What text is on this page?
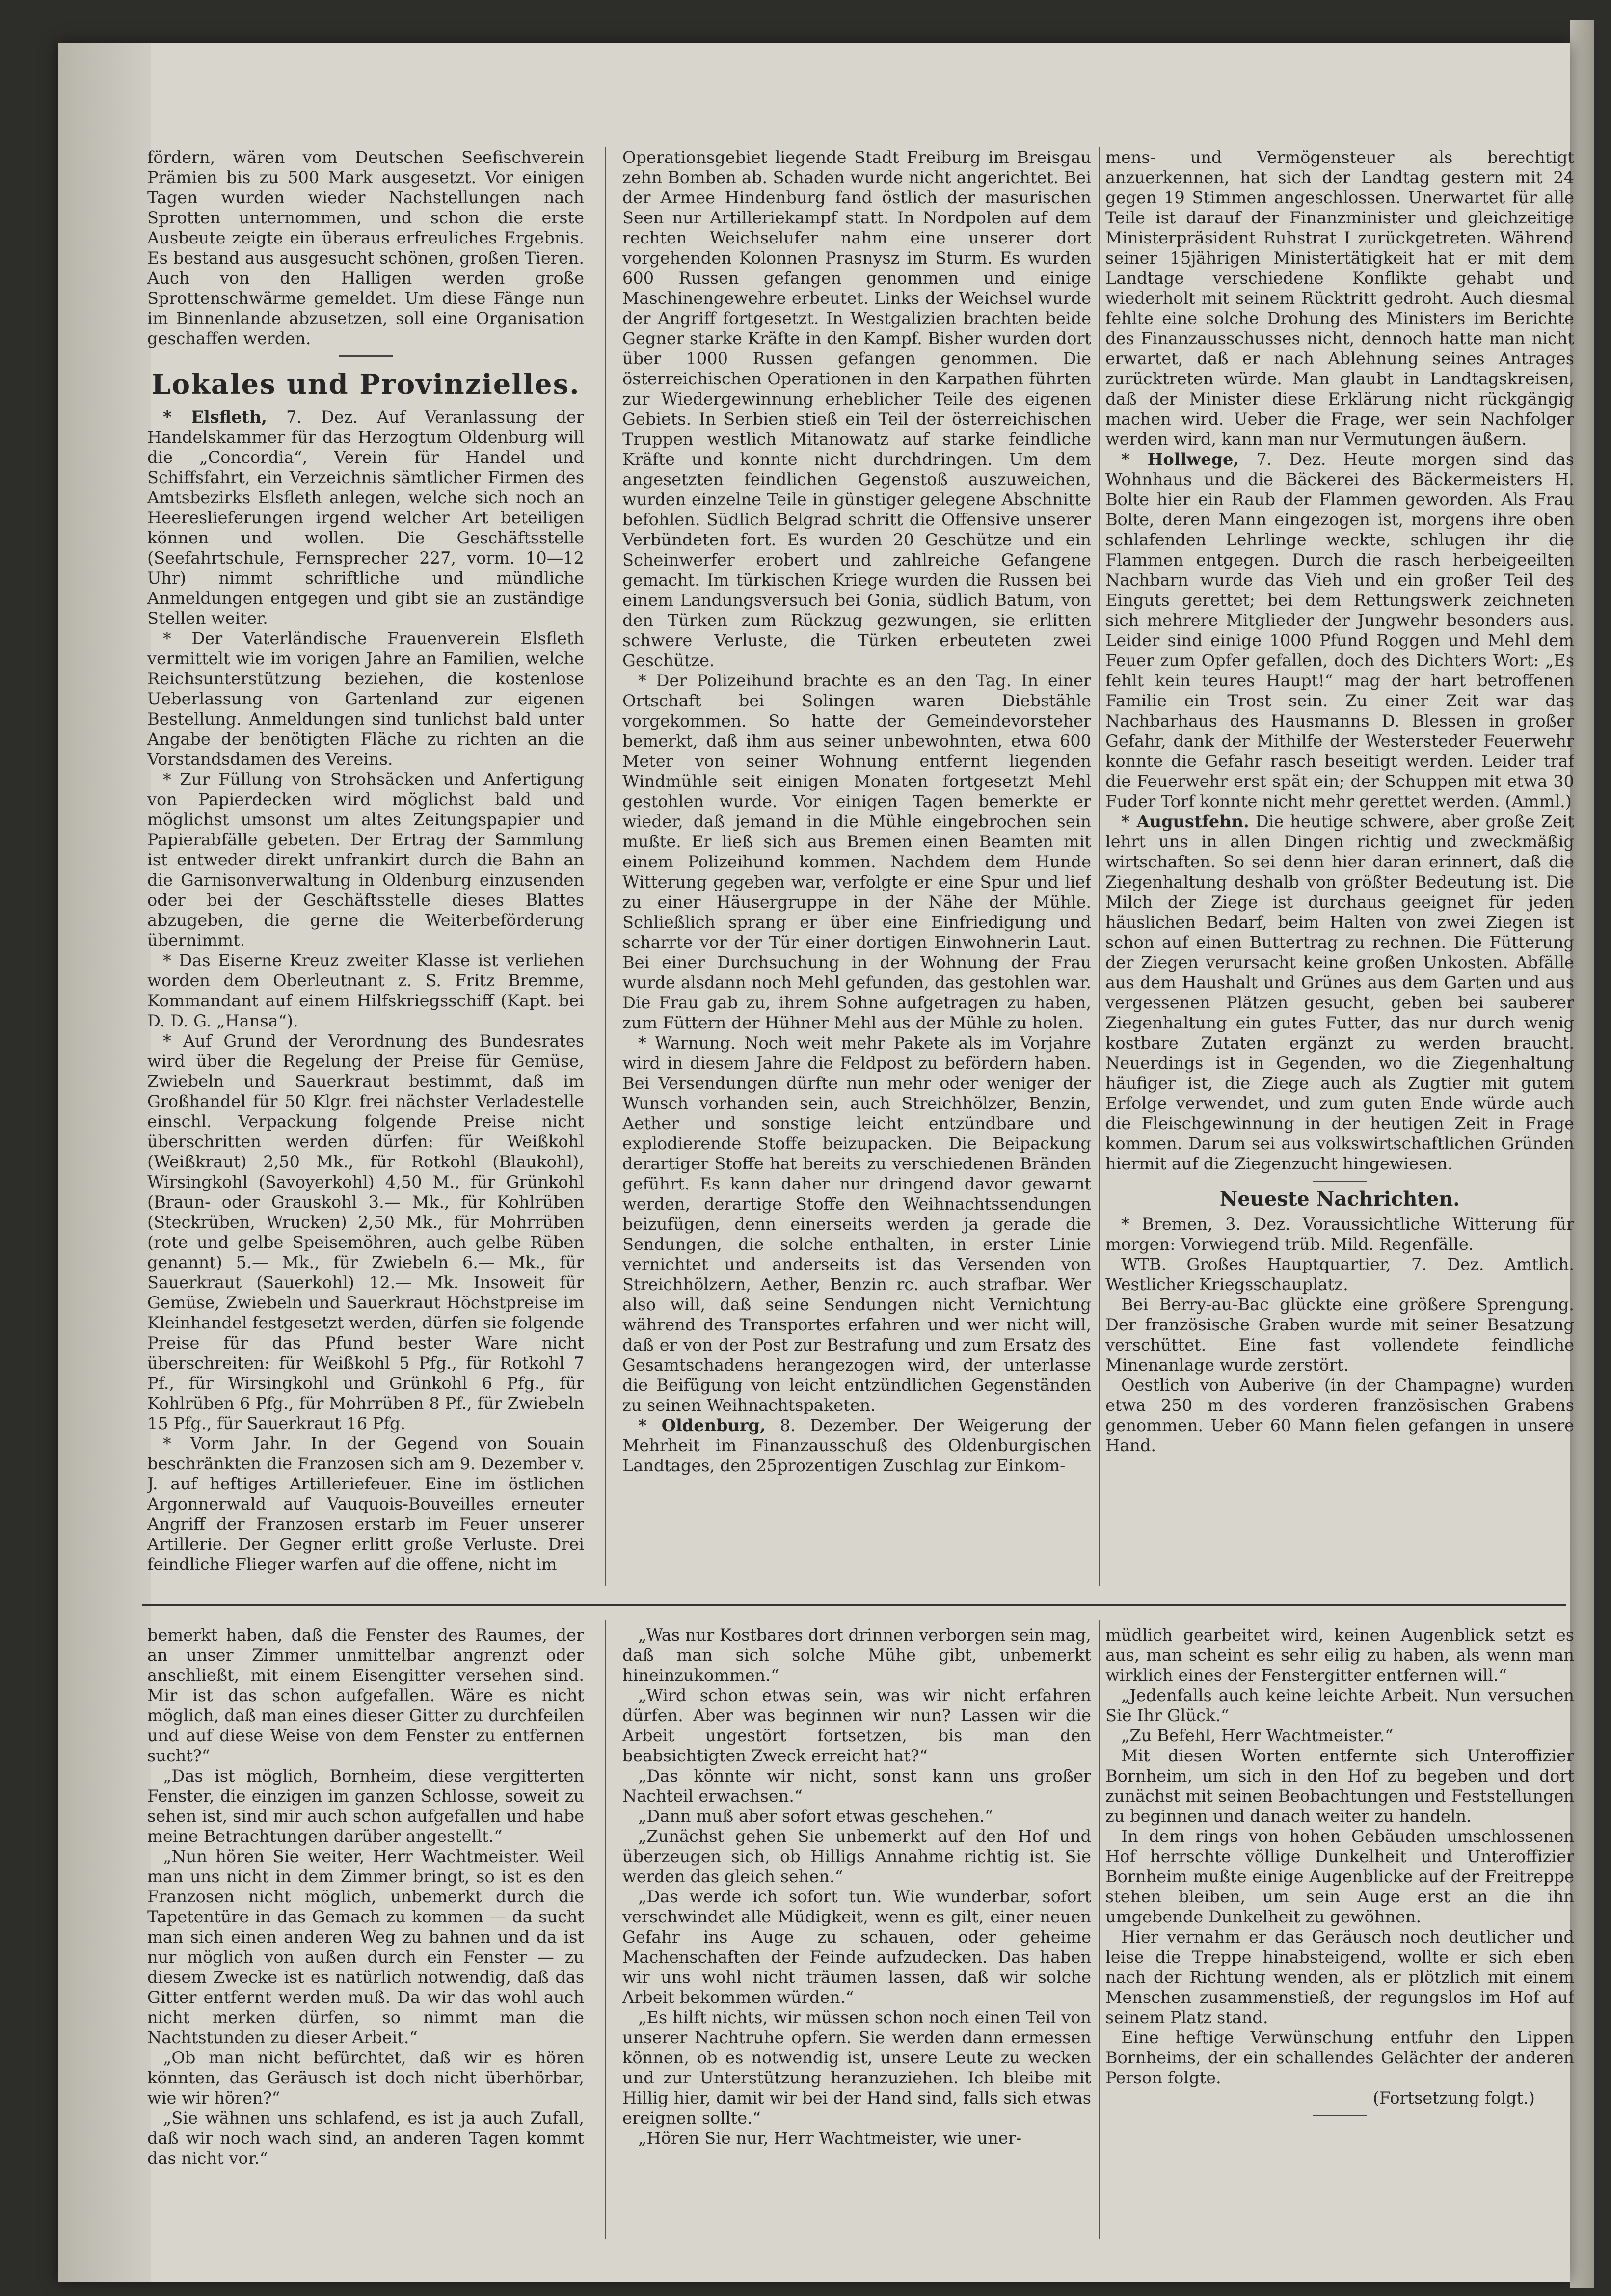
fördern, wären vom Deutschen Seefischverein Prämien bis zu 500 Mark ausgesetzt. Vor einigen Tagen wurden wieder Nachstellungen nach Sprotten unternommen, und schon die erste Ausbeute zeigte ein überaus erfreuliches Ergebnis. Es bestand aus ausgesucht schönen, großen Tieren. Auch von den Halligen werden große Sprottenschwärme gemeldet. Um diese Fänge nun im Binnenlande abzusetzen, soll eine Organisation geschaffen werden.

Lokales und Provinzielles.

* Elsfleth, 7. Dez. Auf Veranlassung der Handelskammer für das Herzogtum Oldenburg will die „Concordia“, Verein für Handel und Schiffsfahrt, ein Verzeichnis sämtlicher Firmen des Amtsbezirks Elsfleth anlegen, welche sich noch an Heereslieferungen irgend welcher Art beteiligen können und wollen. Die Geschäftsstelle (Seefahrtschule, Fernsprecher 227, vorm. 10—12 Uhr) nimmt schriftliche und mündliche Anmeldungen entgegen und gibt sie an zuständige Stellen weiter.

* Der Vaterländische Frauenverein Elsfleth vermittelt wie im vorigen Jahre an Familien, welche Reichsunterstützung beziehen, die kostenlose Ueberlassung von Gartenland zur eigenen Bestellung. Anmeldungen sind tunlichst bald unter Angabe der benötigten Fläche zu richten an die Vorstandsdamen des Vereins.

* Zur Füllung von Strohsäcken und Anfertigung von Papierdecken wird möglichst bald und möglichst umsonst um altes Zeitungspapier und Papierabfälle gebeten. Der Ertrag der Sammlung ist entweder direkt unfrankirt durch die Bahn an die Garnisonverwaltung in Oldenburg einzusenden oder bei der Geschäftsstelle dieses Blattes abzugeben, die gerne die Weiterbeförderung übernimmt.

* Das Eiserne Kreuz zweiter Klasse ist verliehen worden dem Oberleutnant z. S. Fritz Bremme, Kommandant auf einem Hilfskriegsschiff (Kapt. bei D. D. G. „Hansa“).

* Auf Grund der Verordnung des Bundesrates wird über die Regelung der Preise für Gemüse, Zwiebeln und Sauerkraut bestimmt, daß im Großhandel für 50 Klgr. frei nächster Verladestelle einschl. Verpackung folgende Preise nicht überschritten werden dürfen: für Weißkohl (Weißkraut) 2,50 Mk., für Rotkohl (Blaukohl), Wirsingkohl (Savoyerkohl) 4,50 M., für Grünkohl (Braun- oder Grauskohl 3.— Mk., für Kohlrüben (Steckrüben, Wrucken) 2,50 Mk., für Mohrrüben (rote und gelbe Speisemöhren, auch gelbe Rüben genannt) 5.— Mk., für Zwiebeln 6.— Mk., für Sauerkraut (Sauerkohl) 12.— Mk. Insoweit für Gemüse, Zwiebeln und Sauerkraut Höchstpreise im Kleinhandel festgesetzt werden, dürfen sie folgende Preise für das Pfund bester Ware nicht überschreiten: für Weißkohl 5 Pfg., für Rotkohl 7 Pf., für Wirsingkohl und Grünkohl 6 Pfg., für Kohlrüben 6 Pfg., für Mohrrüben 8 Pf., für Zwiebeln 15 Pfg., für Sauerkraut 16 Pfg.

* Vorm Jahr. In der Gegend von Souain beschränkten die Franzosen sich am 9. Dezember v. J. auf heftiges Artilleriefeuer. Eine im östlichen Argonnerwald auf Vauquois-Bouveilles erneuter Angriff der Franzosen erstarb im Feuer unserer Artillerie. Der Gegner erlitt große Verluste. Drei feindliche Flieger warfen auf die offene, nicht im

Operationsgebiet liegende Stadt Freiburg im Breisgau zehn Bomben ab. Schaden wurde nicht angerichtet. Bei der Armee Hindenburg fand östlich der masurischen Seen nur Artilleriekampf statt. In Nordpolen auf dem rechten Weichselufer nahm eine unserer dort vorgehenden Kolonnen Prasnysz im Sturm. Es wurden 600 Russen gefangen genommen und einige Maschinengewehre erbeutet. Links der Weichsel wurde der Angriff fortgesetzt. In Westgalizien brachten beide Gegner starke Kräfte in den Kampf. Bisher wurden dort über 1000 Russen gefangen genommen. Die österreichischen Operationen in den Karpathen führten zur Wiedergewinnung erheblicher Teile des eigenen Gebiets. In Serbien stieß ein Teil der österreichischen Truppen westlich Mitanowatz auf starke feindliche Kräfte und konnte nicht durchdringen. Um dem angesetzten feindlichen Gegenstoß auszuweichen, wurden einzelne Teile in günstiger gelegene Abschnitte befohlen. Südlich Belgrad schritt die Offensive unserer Verbündeten fort. Es wurden 20 Geschütze und ein Scheinwerfer erobert und zahlreiche Gefangene gemacht. Im türkischen Kriege wurden die Russen bei einem Landungsversuch bei Gonia, südlich Batum, von den Türken zum Rückzug gezwungen, sie erlitten schwere Verluste, die Türken erbeuteten zwei Geschütze.

* Der Polizeihund brachte es an den Tag. In einer Ortschaft bei Solingen waren Diebstähle vorgekommen. So hatte der Gemeindevorsteher bemerkt, daß ihm aus seiner unbewohnten, etwa 600 Meter von seiner Wohnung entfernt liegenden Windmühle seit einigen Monaten fortgesetzt Mehl gestohlen wurde. Vor einigen Tagen bemerkte er wieder, daß jemand in die Mühle eingebrochen sein mußte. Er ließ sich aus Bremen einen Beamten mit einem Polizeihund kommen. Nachdem dem Hunde Witterung gegeben war, verfolgte er eine Spur und lief zu einer Häusergruppe in der Nähe der Mühle. Schließlich sprang er über eine Einfriedigung und scharrte vor der Tür einer dortigen Einwohnerin Laut. Bei einer Durchsuchung in der Wohnung der Frau wurde alsdann noch Mehl gefunden, das gestohlen war. Die Frau gab zu, ihrem Sohne aufgetragen zu haben, zum Füttern der Hühner Mehl aus der Mühle zu holen.

* Warnung. Noch weit mehr Pakete als im Vorjahre wird in diesem Jahre die Feldpost zu befördern haben. Bei Versendungen dürfte nun mehr oder weniger der Wunsch vorhanden sein, auch Streichhölzer, Benzin, Aether und sonstige leicht entzündbare und explodierende Stoffe beizupacken. Die Beipackung derartiger Stoffe hat bereits zu verschiedenen Bränden geführt. Es kann daher nur dringend davor gewarnt werden, derartige Stoffe den Weihnachtssendungen beizufügen, denn einerseits werden ja gerade die Sendungen, die solche enthalten, in erster Linie vernichtet und anderseits ist das Versenden von Streichhölzern, Aether, Benzin rc. auch strafbar. Wer also will, daß seine Sendungen nicht Vernichtung während des Transportes erfahren und wer nicht will, daß er von der Post zur Bestrafung und zum Ersatz des Gesamtschadens herangezogen wird, der unterlasse die Beifügung von leicht entzündlichen Gegenständen zu seinen Weihnachtspaketen.

* Oldenburg, 8. Dezember. Der Weigerung der Mehrheit im Finanzausschuß des Oldenburgischen Landtages, den 25prozentigen Zuschlag zur Einkom-

mens- und Vermögensteuer als berechtigt anzuerkennen, hat sich der Landtag gestern mit 24 gegen 19 Stimmen angeschlossen. Unerwartet für alle Teile ist darauf der Finanzminister und gleichzeitige Ministerpräsident Ruhstrat I zurückgetreten. Während seiner 15jährigen Ministertätigkeit hat er mit dem Landtage verschiedene Konflikte gehabt und wiederholt mit seinem Rücktritt gedroht. Auch diesmal fehlte eine solche Drohung des Ministers im Berichte des Finanzausschusses nicht, dennoch hatte man nicht erwartet, daß er nach Ablehnung seines Antrages zurücktreten würde. Man glaubt in Landtagskreisen, daß der Minister diese Erklärung nicht rückgängig machen wird. Ueber die Frage, wer sein Nachfolger werden wird, kann man nur Vermutungen äußern.

* Hollwege, 7. Dez. Heute morgen sind das Wohnhaus und die Bäckerei des Bäckermeisters H. Bolte hier ein Raub der Flammen geworden. Als Frau Bolte, deren Mann eingezogen ist, morgens ihre oben schlafenden Lehrlinge weckte, schlugen ihr die Flammen entgegen. Durch die rasch herbeigeeilten Nachbarn wurde das Vieh und ein großer Teil des Einguts gerettet; bei dem Rettungswerk zeichneten sich mehrere Mitglieder der Jungwehr besonders aus. Leider sind einige 1000 Pfund Roggen und Mehl dem Feuer zum Opfer gefallen, doch des Dichters Wort: „Es fehlt kein teures Haupt!“ mag der hart betroffenen Familie ein Trost sein. Zu einer Zeit war das Nachbarhaus des Hausmanns D. Blessen in großer Gefahr, dank der Mithilfe der Westersteder Feuerwehr konnte die Gefahr rasch beseitigt werden. Leider traf die Feuerwehr erst spät ein; der Schuppen mit etwa 30 Fuder Torf konnte nicht mehr gerettet werden. (Amml.)

* Augustfehn. Die heutige schwere, aber große Zeit lehrt uns in allen Dingen richtig und zweckmäßig wirtschaften. So sei denn hier daran erinnert, daß die Ziegenhaltung deshalb von größter Bedeutung ist. Die Milch der Ziege ist durchaus geeignet für jeden häuslichen Bedarf, beim Halten von zwei Ziegen ist schon auf einen Buttertrag zu rechnen. Die Fütterung der Ziegen verursacht keine großen Unkosten. Abfälle aus dem Haushalt und Grünes aus dem Garten und aus vergessenen Plätzen gesucht, geben bei sauberer Ziegenhaltung ein gutes Futter, das nur durch wenig kostbare Zutaten ergänzt zu werden braucht. Neuerdings ist in Gegenden, wo die Ziegenhaltung häufiger ist, die Ziege auch als Zugtier mit gutem Erfolge verwendet, und zum guten Ende würde auch die Fleischgewinnung in der heutigen Zeit in Frage kommen. Darum sei aus volkswirtschaftlichen Gründen hiermit auf die Ziegenzucht hingewiesen.

Neueste Nachrichten.

* Bremen, 3. Dez. Voraussichtliche Witterung für morgen: Vorwiegend trüb. Mild. Regenfälle.

WTB. Großes Hauptquartier, 7. Dez. Amtlich. Westlicher Kriegsschauplatz.

Bei Berry-au-Bac glückte eine größere Sprengung. Der französische Graben wurde mit seiner Besatzung verschüttet. Eine fast vollendete feindliche Minenanlage wurde zerstört.

Oestlich von Auberive (in der Champagne) wurden etwa 250 m des vorderen französischen Grabens genommen. Ueber 60 Mann fielen gefangen in unsere Hand.

bemerkt haben, daß die Fenster des Raumes, der an unser Zimmer unmittelbar angrenzt oder anschließt, mit einem Eisengitter versehen sind. Mir ist das schon aufgefallen. Wäre es nicht möglich, daß man eines dieser Gitter zu durchfeilen und auf diese Weise von dem Fenster zu entfernen sucht?“

„Das ist möglich, Bornheim, diese vergitterten Fenster, die einzigen im ganzen Schlosse, soweit zu sehen ist, sind mir auch schon aufgefallen und habe meine Betrachtungen darüber angestellt.“

„Nun hören Sie weiter, Herr Wachtmeister. Weil man uns nicht in dem Zimmer bringt, so ist es den Franzosen nicht möglich, unbemerkt durch die Tapetentüre in das Gemach zu kommen — da sucht man sich einen anderen Weg zu bahnen und da ist nur möglich von außen durch ein Fenster — zu diesem Zwecke ist es natürlich notwendig, daß das Gitter entfernt werden muß. Da wir das wohl auch nicht merken dürfen, so nimmt man die Nachtstunden zu dieser Arbeit.“

„Ob man nicht befürchtet, daß wir es hören könnten, das Geräusch ist doch nicht überhörbar, wie wir hören?“

„Sie wähnen uns schlafend, es ist ja auch Zufall, daß wir noch wach sind, an anderen Tagen kommt das nicht vor.“

„Was nur Kostbares dort drinnen verborgen sein mag, daß man sich solche Mühe gibt, unbemerkt hineinzukommen.“

„Wird schon etwas sein, was wir nicht erfahren dürfen. Aber was beginnen wir nun? Lassen wir die Arbeit ungestört fortsetzen, bis man den beabsichtigten Zweck erreicht hat?“

„Das könnte wir nicht, sonst kann uns großer Nachteil erwachsen.“

„Dann muß aber sofort etwas geschehen.“

„Zunächst gehen Sie unbemerkt auf den Hof und überzeugen sich, ob Hilligs Annahme richtig ist. Sie werden das gleich sehen.“

„Das werde ich sofort tun. Wie wunderbar, sofort verschwindet alle Müdigkeit, wenn es gilt, einer neuen Gefahr ins Auge zu schauen, oder geheime Machenschaften der Feinde aufzudecken. Das haben wir uns wohl nicht träumen lassen, daß wir solche Arbeit bekommen würden.“

„Es hilft nichts, wir müssen schon noch einen Teil von unserer Nachtruhe opfern. Sie werden dann ermessen können, ob es notwendig ist, unsere Leute zu wecken und zur Unterstützung heranzuziehen. Ich bleibe mit Hillig hier, damit wir bei der Hand sind, falls sich etwas ereignen sollte.“

„Hören Sie nur, Herr Wachtmeister, wie uner-

müdlich gearbeitet wird, keinen Augenblick setzt es aus, man scheint es sehr eilig zu haben, als wenn man wirklich eines der Fenstergitter entfernen will.“

„Jedenfalls auch keine leichte Arbeit. Nun versuchen Sie Ihr Glück.“

„Zu Befehl, Herr Wachtmeister.“

Mit diesen Worten entfernte sich Unteroffizier Bornheim, um sich in den Hof zu begeben und dort zunächst mit seinen Beobachtungen und Feststellungen zu beginnen und danach weiter zu handeln.

In dem rings von hohen Gebäuden umschlossenen Hof herrschte völlige Dunkelheit und Unteroffizier Bornheim mußte einige Augenblicke auf der Freitreppe stehen bleiben, um sein Auge erst an die ihn umgebende Dunkelheit zu gewöhnen.

Hier vernahm er das Geräusch noch deutlicher und leise die Treppe hinabsteigend, wollte er sich eben nach der Richtung wenden, als er plötzlich mit einem Menschen zusammenstieß, der regungslos im Hof auf seinem Platz stand.

Eine heftige Verwünschung entfuhr den Lippen Bornheims, der ein schallendes Gelächter der anderen Person folgte.

(Fortsetzung folgt.)
